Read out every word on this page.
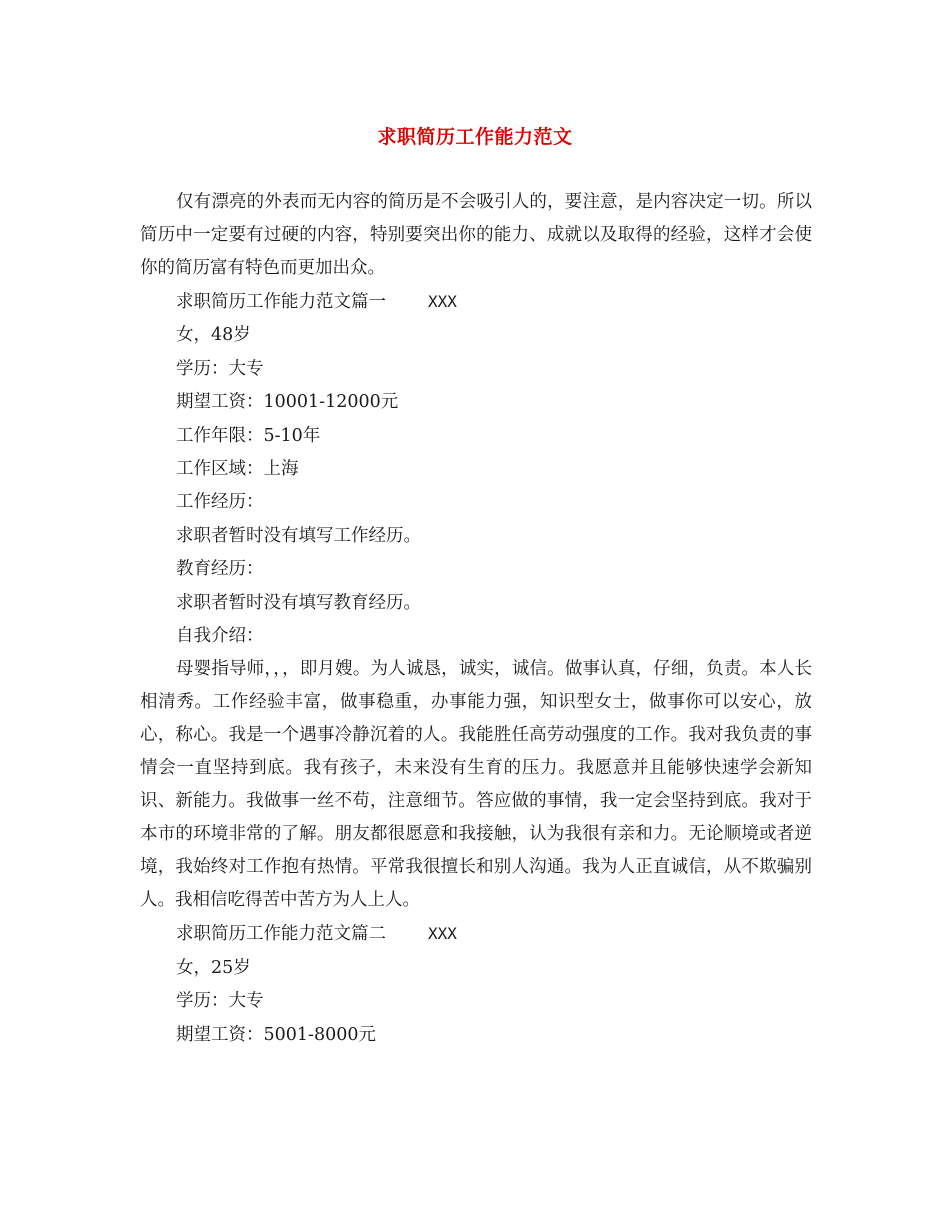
求职简历工作能力范文

仅有漂亮的外表而无内容的简历是不会吸引人的，要注意，是内容决定一切。所以简历中一定要有过硬的内容，特别要突出你的能力、成就以及取得的经验，这样才会使你的简历富有特色而更加出众。

求职简历工作能力范文篇一	XXX

女，48岁

学历：大专

期望工资：10001-12000元

工作年限：5-10年

工作区域：上海

工作经历：

求职者暂时没有填写工作经历。

教育经历：

求职者暂时没有填写教育经历。

自我介绍：

母婴指导师，，，即月嫂。为人诚恳，诚实，诚信。做事认真，仔细，负责。本人长相清秀。工作经验丰富，做事稳重，办事能力强，知识型女士，做事你可以安心，放心，称心。我是一个遇事冷静沉着的人。我能胜任高劳动强度的工作。我对我负责的事情会一直坚持到底。我有孩子，未来没有生育的压力。我愿意并且能够快速学会新知识、新能力。我做事一丝不苟，注意细节。答应做的事情，我一定会坚持到底。我对于本市的环境非常的了解。朋友都很愿意和我接触，认为我很有亲和力。无论顺境或者逆境，我始终对工作抱有热情。平常我很擅长和别人沟通。我为人正直诚信，从不欺骗别人。我相信吃得苦中苦方为人上人。

求职简历工作能力范文篇二	XXX

女，25岁

学历：大专

期望工资：5001-8000元
